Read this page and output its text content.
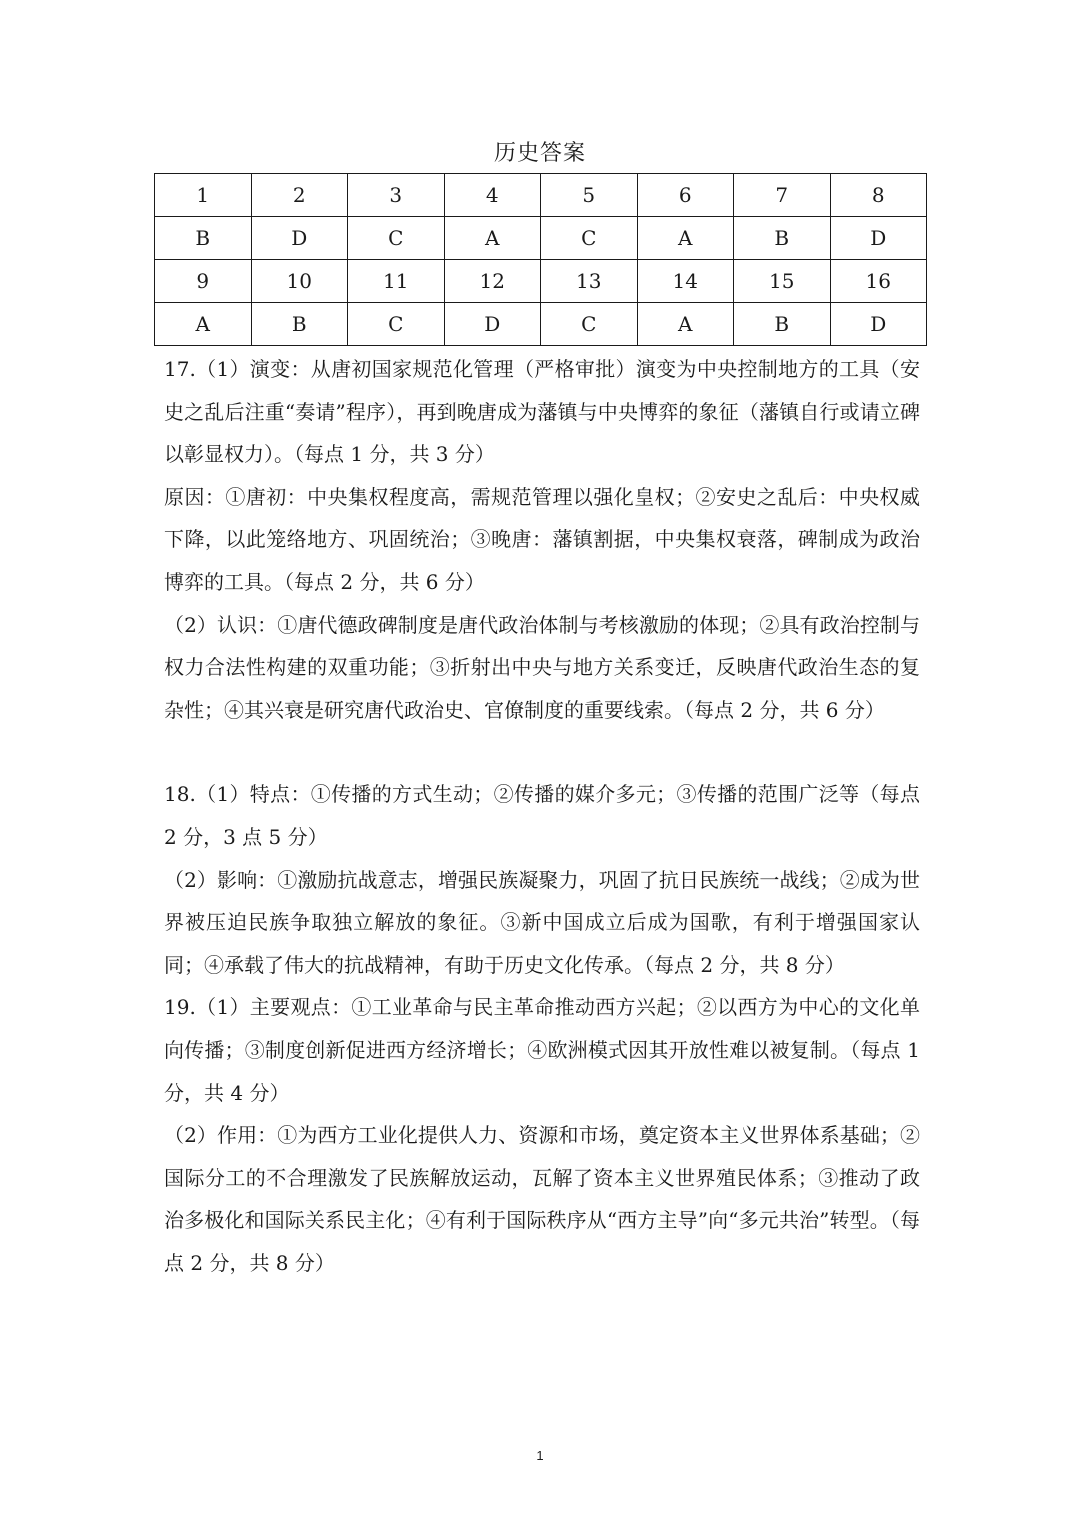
历史答案
1	2	3	4	5	6	7	8
B	D	C	A	C	A	B	D
9	10	11	12	13	14	15	16
A	B	C	D	C	A	B	D

17.（1）演变：从唐初国家规范化管理（严格审批）演变为中央控制地方的工具（安史之乱后注重“奏请”程序），再到晚唐成为藩镇与中央博弈的象征（藩镇自行或请立碑以彰显权力）。（每点 1 分，共 3 分）

原因：①唐初：中央集权程度高，需规范管理以强化皇权；②安史之乱后：中央权威下降，以此笼络地方、巩固统治；③晚唐：藩镇割据，中央集权衰落，碑制成为政治博弈的工具。（每点 2 分，共 6 分）

（2）认识：①唐代德政碑制度是唐代政治体制与考核激励的体现；②具有政治控制与权力合法性构建的双重功能；③折射出中央与地方关系变迁，反映唐代政治生态的复杂性；④其兴衰是研究唐代政治史、官僚制度的重要线索。（每点 2 分，共 6 分）

18.（1）特点：①传播的方式生动；②传播的媒介多元；③传播的范围广泛等（每点 2 分，3 点 5 分）

（2）影响：①激励抗战意志，增强民族凝聚力，巩固了抗日民族统一战线；②成为世界被压迫民族争取独立解放的象征。③新中国成立后成为国歌，有利于增强国家认同；④承载了伟大的抗战精神，有助于历史文化传承。（每点 2 分，共 8 分）

19.（1）主要观点：①工业革命与民主革命推动西方兴起；②以西方为中心的文化单向传播；③制度创新促进西方经济增长；④欧洲模式因其开放性难以被复制。（每点 1 分，共 4 分）

（2）作用：①为西方工业化提供人力、资源和市场，奠定资本主义世界体系基础；②国际分工的不合理激发了民族解放运动，瓦解了资本主义世界殖民体系；③推动了政治多极化和国际关系民主化；④有利于国际秩序从“西方主导”向“多元共治”转型。（每点 2 分，共 8 分）

1
